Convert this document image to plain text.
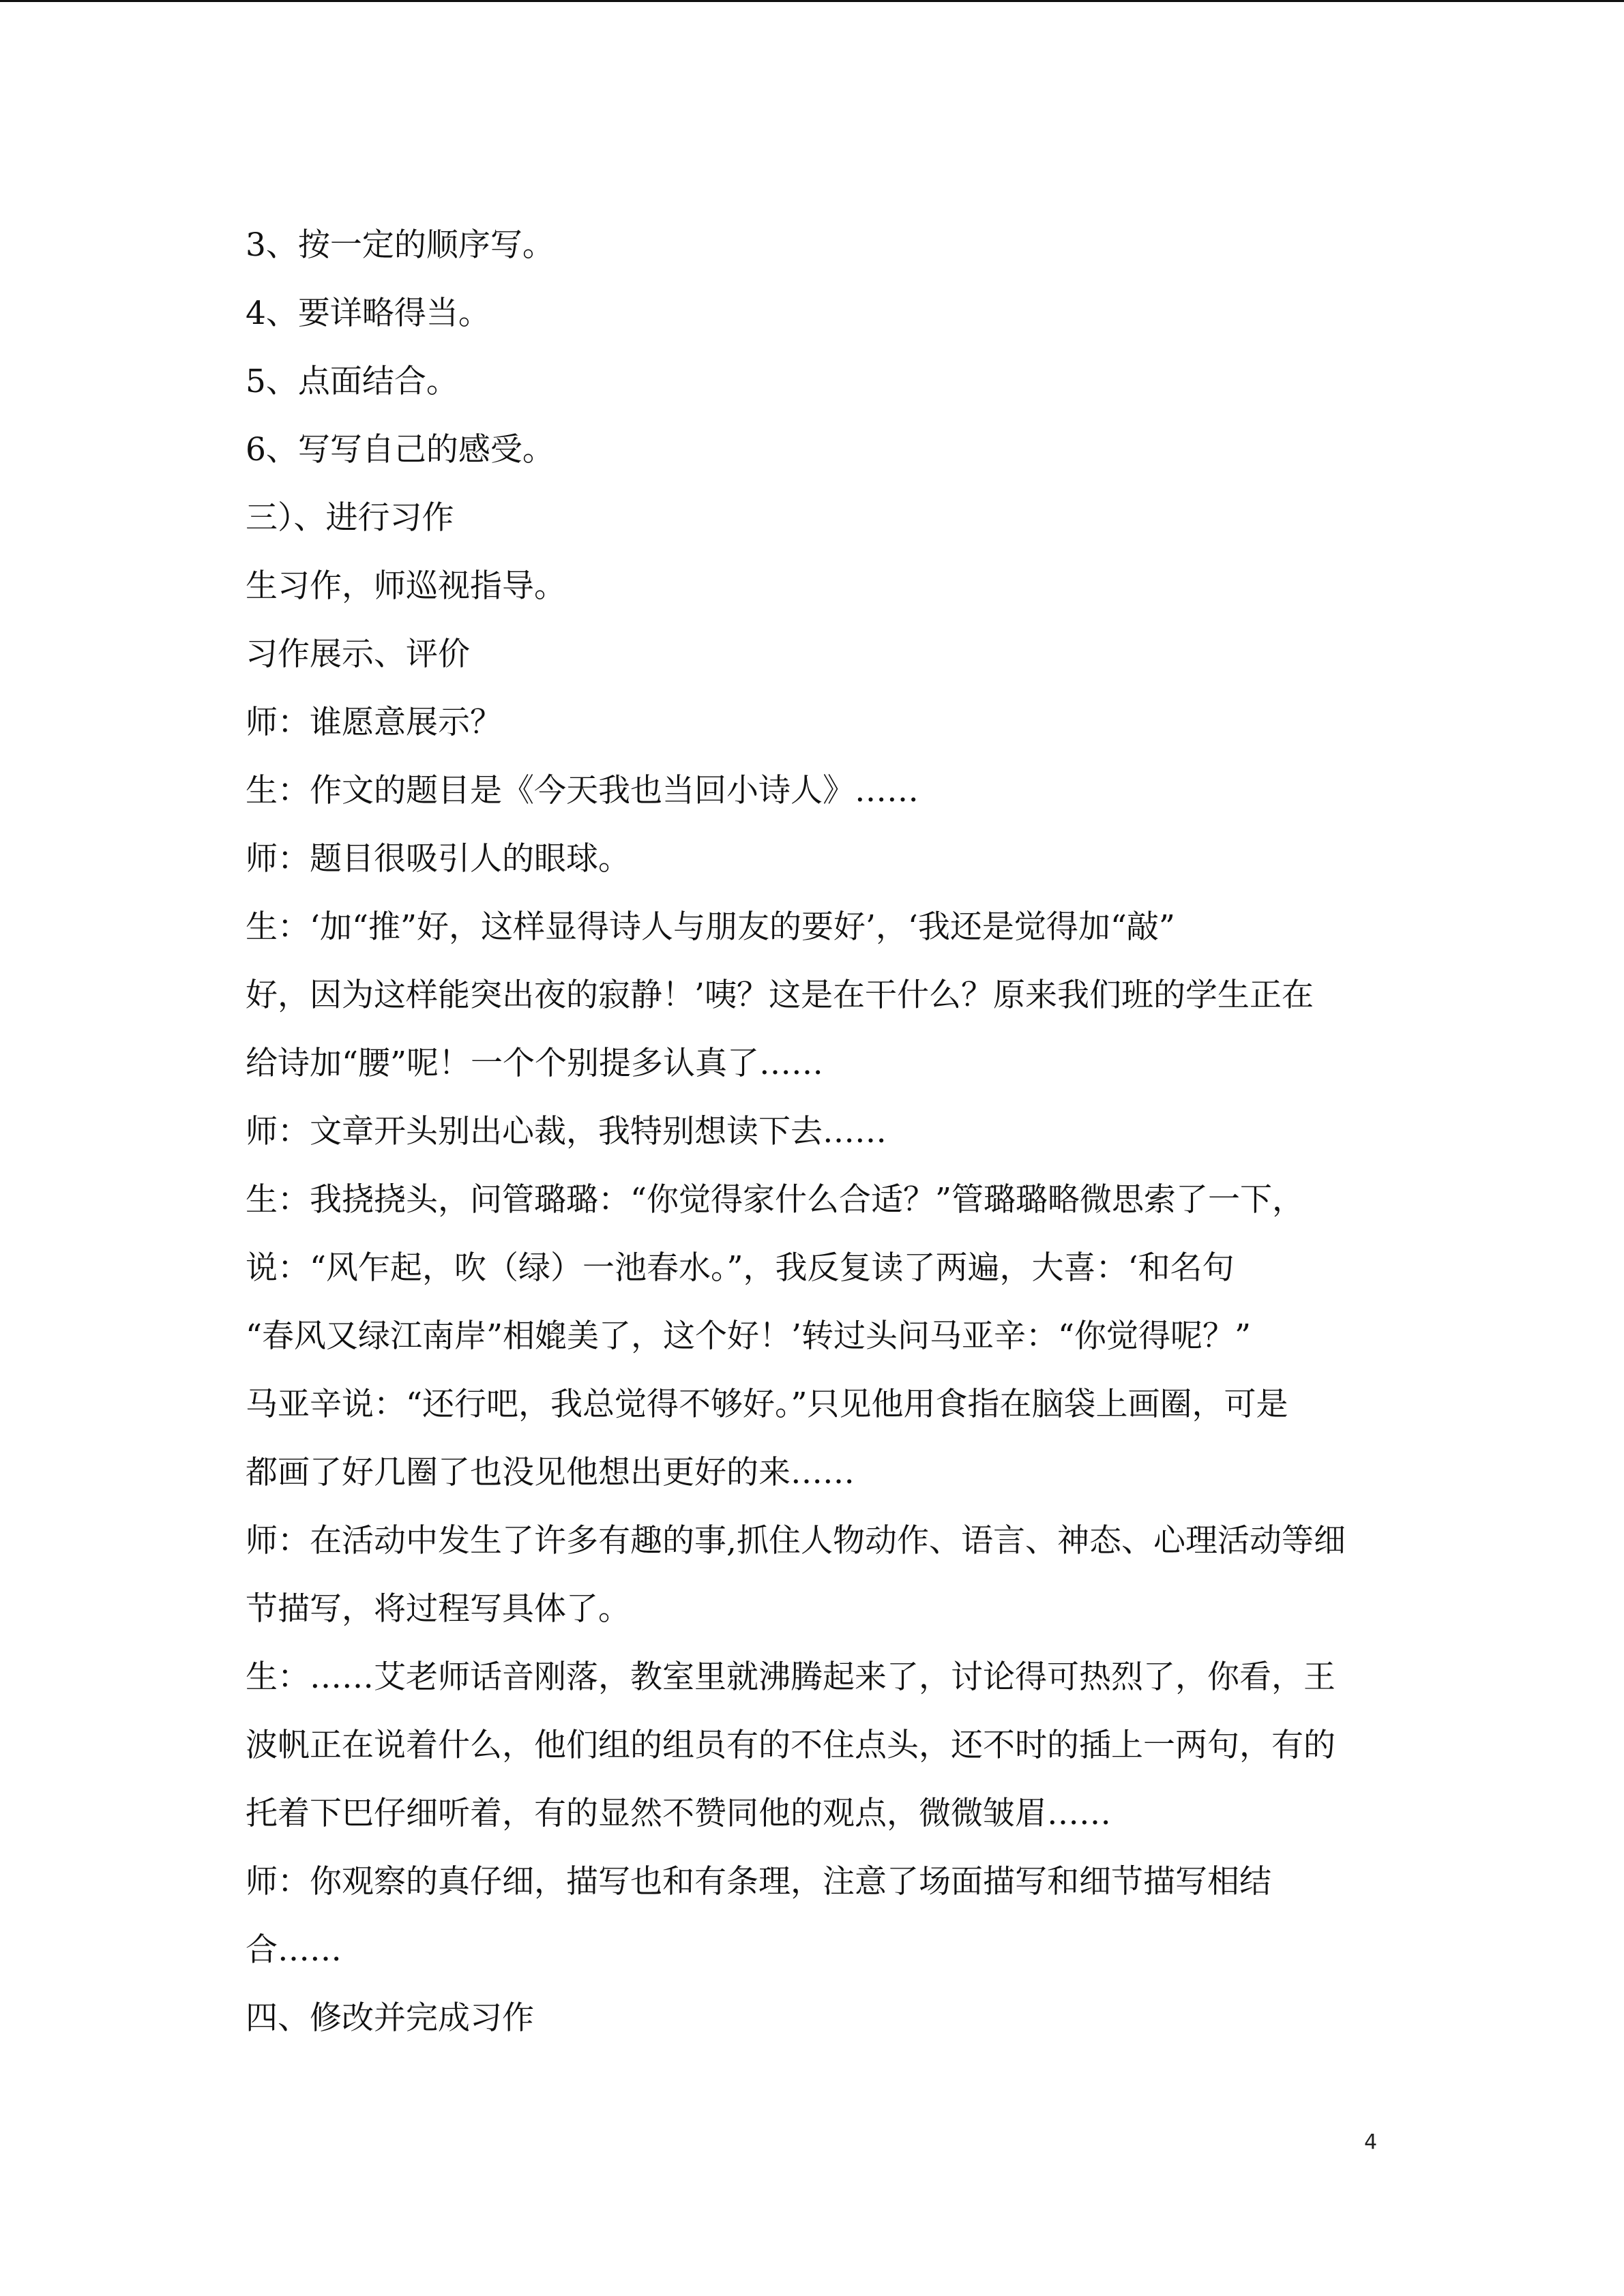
3、按一定的顺序写。
4、要详略得当。
5、点面结合。
6、写写自己的感受。
三）、进行习作
生习作，师巡视指导。
习作展示、评价
师：谁愿意展示？
生：作文的题目是《今天我也当回小诗人》……
师：题目很吸引人的眼球。
生：‘加“推”好，这样显得诗人与朋友的要好’，‘我还是觉得加“敲”
好，因为这样能突出夜的寂静！’咦？这是在干什么？原来我们班的学生正在
给诗加“腰”呢！一个个别提多认真了……
师：文章开头别出心裁，我特别想读下去……
生：我挠挠头，问管璐璐：“你觉得家什么合适？”管璐璐略微思索了一下，
说：“风乍起，吹（绿）一池春水。”，我反复读了两遍，大喜：‘和名句
“春风又绿江南岸”相媲美了，这个好！’转过头问马亚辛：“你觉得呢？”
马亚辛说：“还行吧，我总觉得不够好。”只见他用食指在脑袋上画圈，可是
都画了好几圈了也没见他想出更好的来……
师：在活动中发生了许多有趣的事,抓住人物动作、语言、神态、心理活动等细
节描写，将过程写具体了。
生：……艾老师话音刚落，教室里就沸腾起来了，讨论得可热烈了，你看，王
波帆正在说着什么，他们组的组员有的不住点头，还不时的插上一两句，有的
托着下巴仔细听着，有的显然不赞同他的观点，微微皱眉……
师：你观察的真仔细，描写也和有条理，注意了场面描写和细节描写相结
合……
四、修改并完成习作
4
